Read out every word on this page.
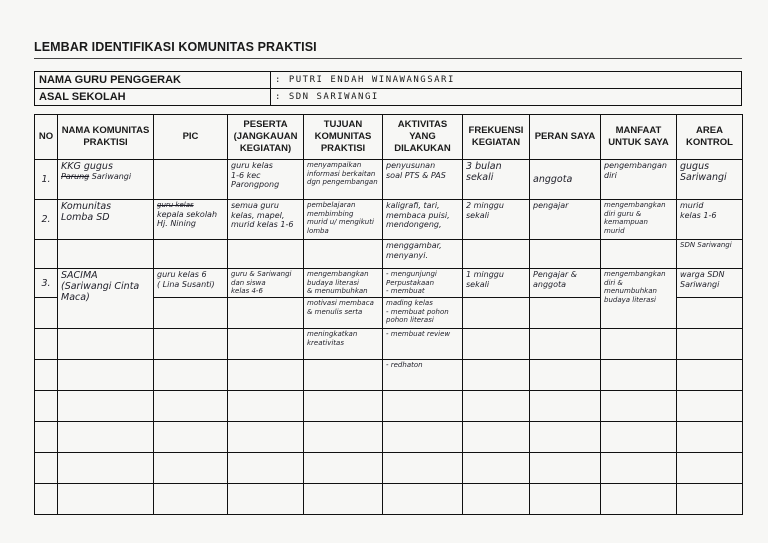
LEMBAR IDENTIFIKASI KOMUNITAS PRAKTISI
NAMA GURU PENGGERAK	: PUTRI ENDAH WINAWANGSARI
ASAL SEKOLAH	: SDN SARIWANGI
NO	NAMA KOMUNITAS PRAKTISI	PIC	PESERTA (JANGKAUAN KEGIATAN)	TUJUAN KOMUNITAS PRAKTISI	AKTIVITAS YANG DILAKUKAN	FREKUENSI KEGIATAN	PERAN SAYA	MANFAAT UNTUK SAYA	AREA KONTROL

1.	KKG gugus
Parung Sariwangi		guru kelas
1-6 kec
Parongpong	menyampaikan
informasi berkaitan
dgn pengembangan	penyusunan
soal PTS & PAS	3 bulan
sekali	anggota	pengembangan
diri	gugus
Sariwangi

2.	Komunitas
Lomba SD	guru kelas
kepala sekolah
Hj. Nining	semua guru
kelas, mapel,
murid kelas 1-6	pembelajaran
membimbing
murid u/ mengikuti
lomba	kaligrafi, tari,
membaca puisi,
mendongeng,	2 minggu
sekali	pengajar	mengembangkan
diri guru &
kemampuan
murid	murid
kelas 1-6

					menggambar,
menyanyi.				SDN Sariwangi

3.	SACIMA
(Sariwangi Cinta
Maca)	guru kelas 6
( Lina Susanti)	guru & Sariwangi
dan siswa
kelas 4-6	mengembangkan
budaya literasi
& menumbuhkan	- mengunjungi
Perpustakaan
- membuat	1 minggu
sekali	Pengajar &
anggota	mengembangkan
diri &
menumbuhkan
budaya literasi	warga SDN
Sariwangi

				motivasi membaca
& menulis serta	mading kelas
- membuat pohon
pohon literasi				

				meningkatkan
kreativitas	- membuat review				

					- redhaton				
